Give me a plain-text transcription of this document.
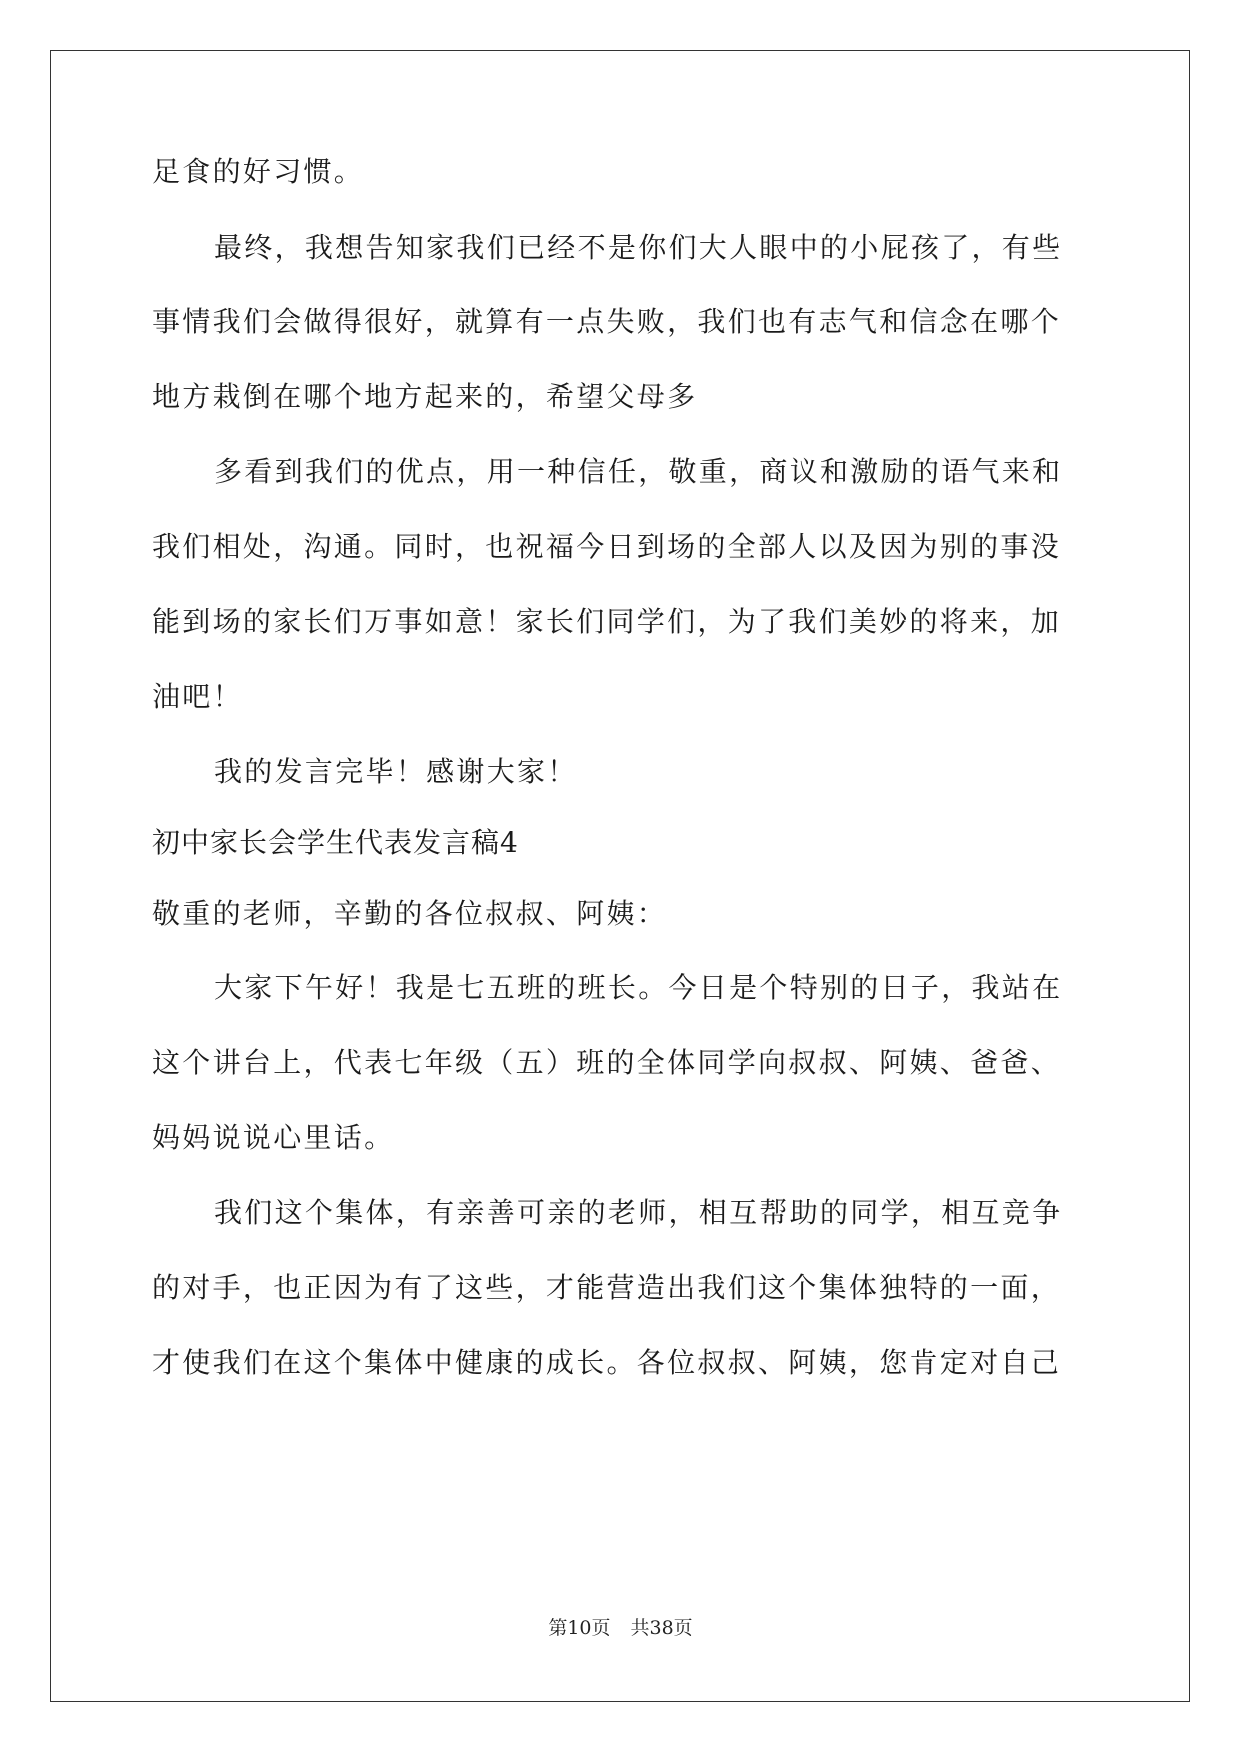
足食的好习惯。
最终，我想告知家我们已经不是你们大人眼中的小屁孩了，有些
事情我们会做得很好，就算有一点失败，我们也有志气和信念在哪个
地方栽倒在哪个地方起来的，希望父母多
多看到我们的优点，用一种信任，敬重，商议和激励的语气来和
我们相处，沟通。同时，也祝福今日到场的全部人以及因为别的事没
能到场的家长们万事如意！家长们同学们，为了我们美妙的将来，加
油吧！
我的发言完毕！感谢大家！
初中家长会学生代表发言稿4
敬重的老师，辛勤的各位叔叔、阿姨：
大家下午好！我是七五班的班长。今日是个特别的日子，我站在
这个讲台上，代表七年级（五）班的全体同学向叔叔、阿姨、爸爸、
妈妈说说心里话。
我们这个集体，有亲善可亲的老师，相互帮助的同学，相互竞争
的对手，也正因为有了这些，才能营造出我们这个集体独特的一面，
才使我们在这个集体中健康的成长。各位叔叔、阿姨，您肯定对自己
第10页 共38页
